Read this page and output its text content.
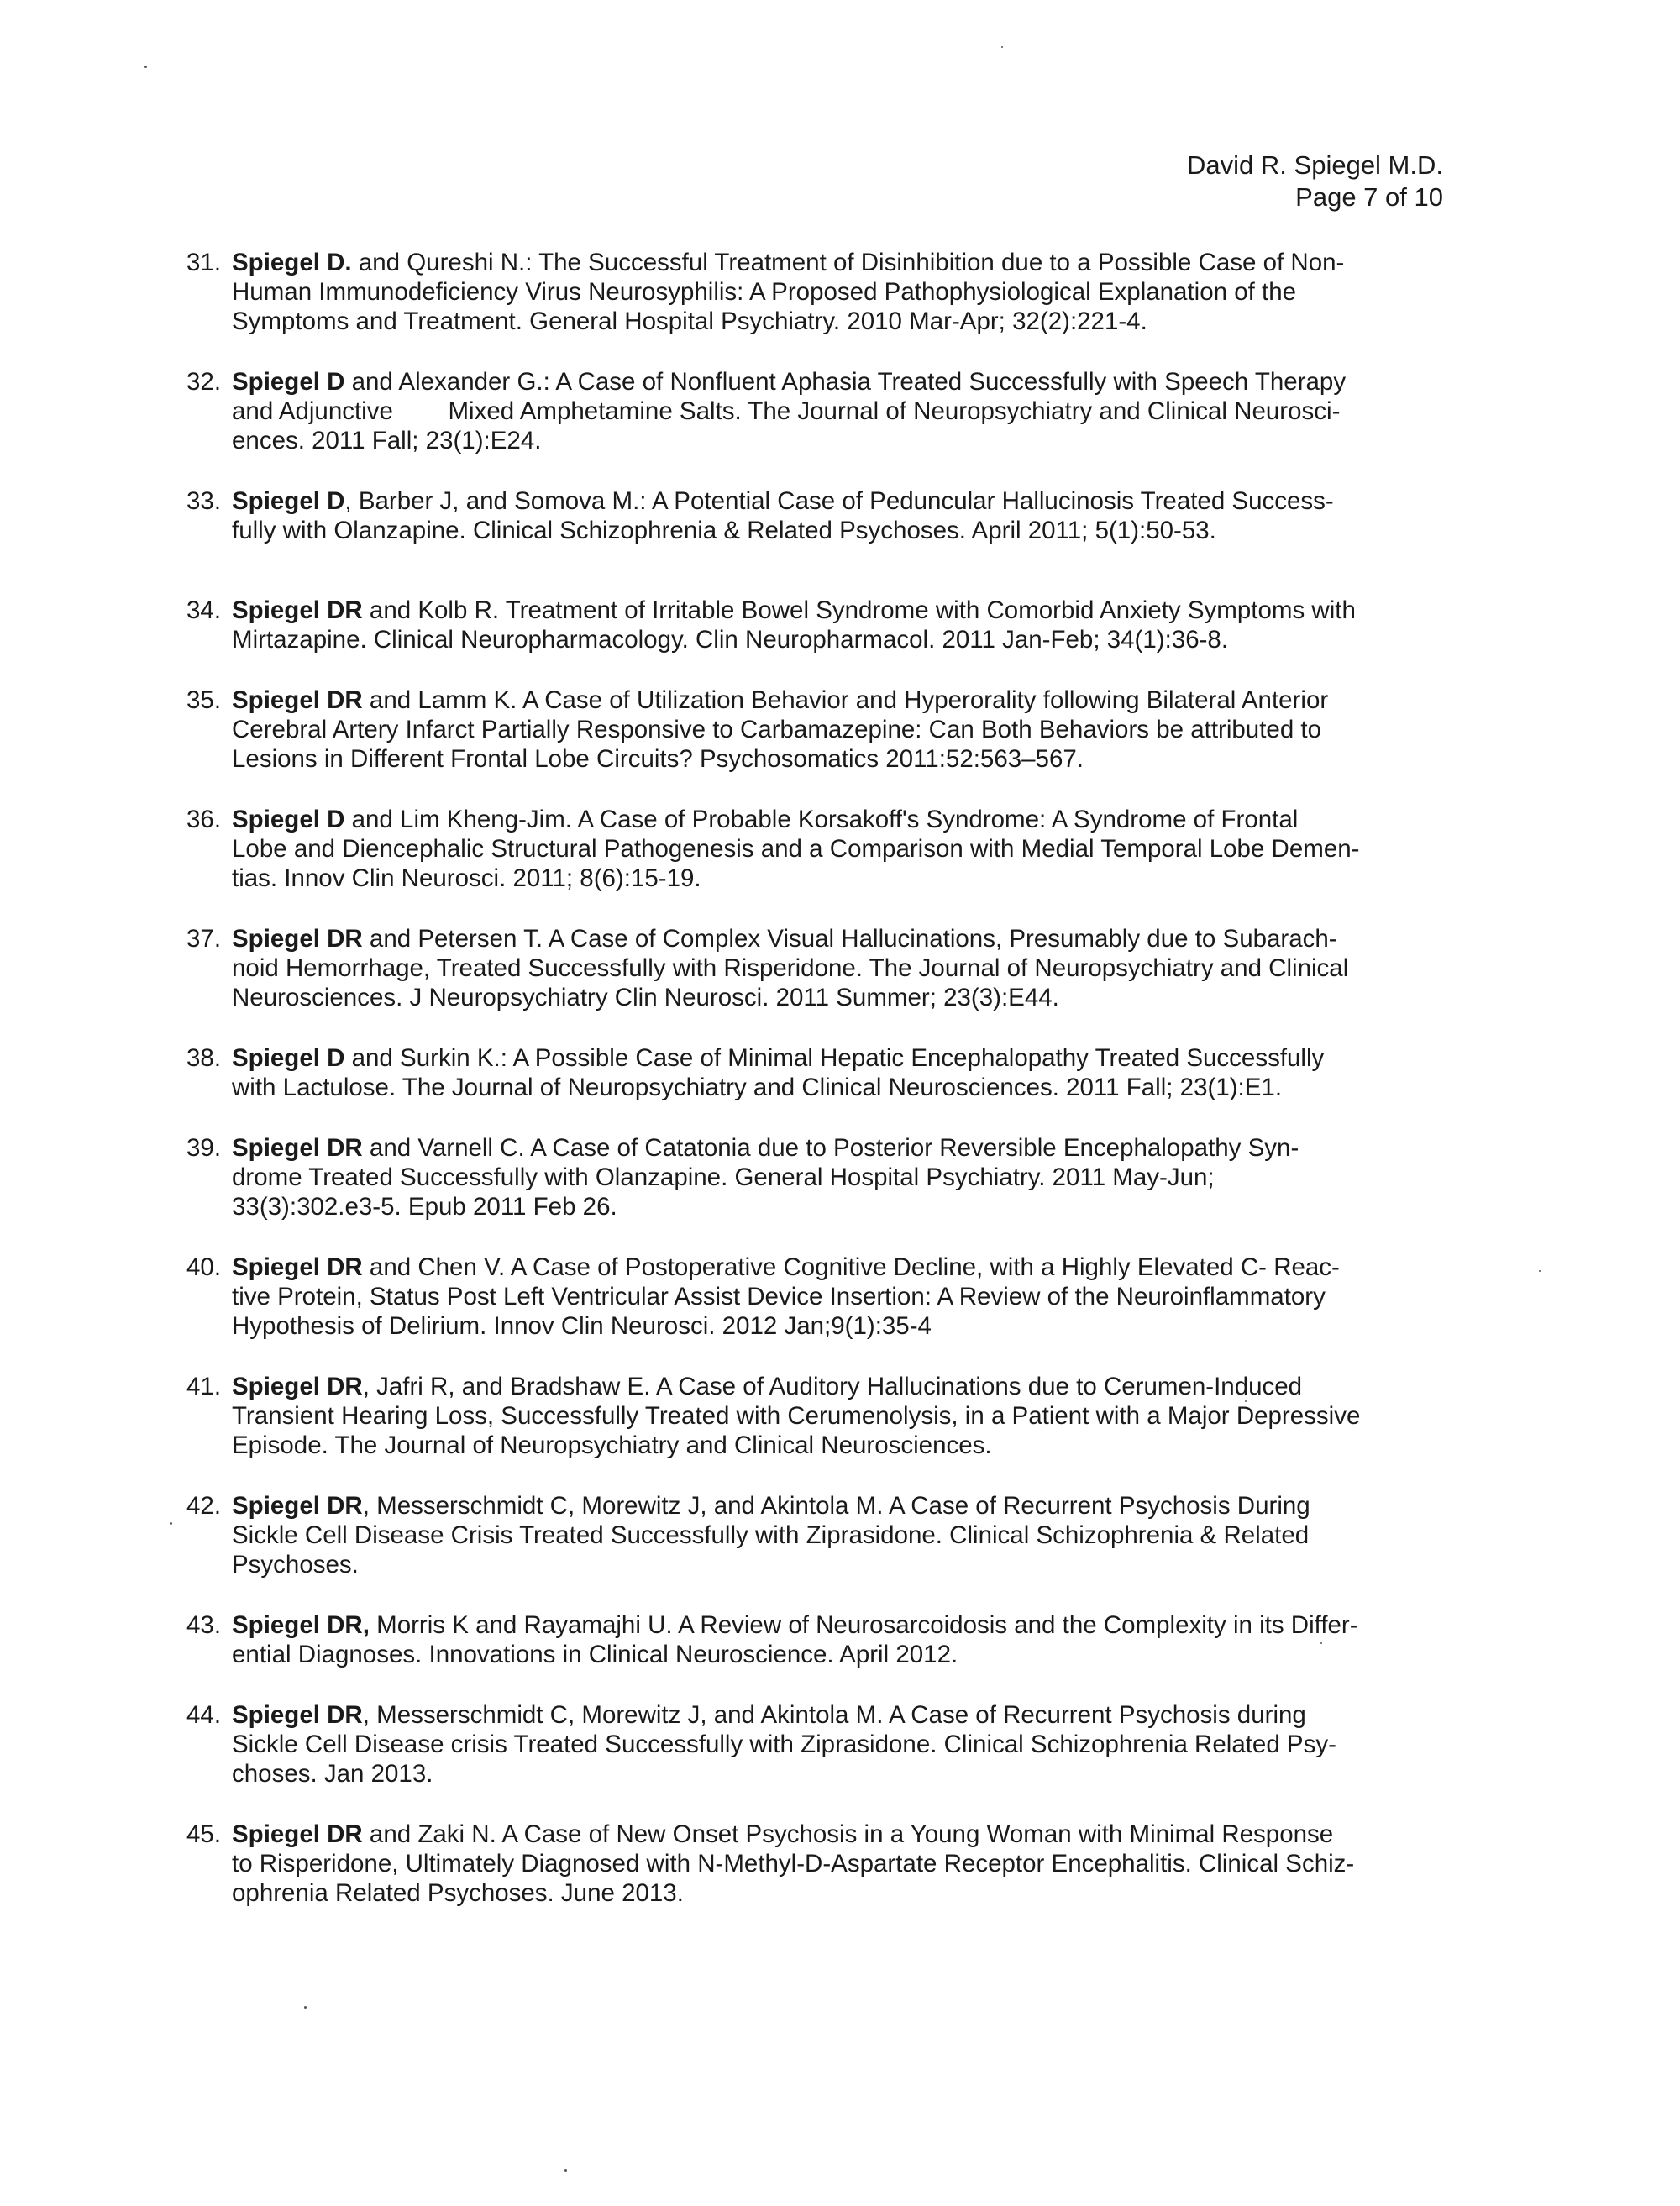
David R. Spiegel M.D.
Page 7 of 10
31. Spiegel D. and Qureshi N.: The Successful Treatment of Disinhibition due to a Possible Case of Non-
Human Immunodeficiency Virus Neurosyphilis: A Proposed Pathophysiological Explanation of the
Symptoms and Treatment. General Hospital Psychiatry. 2010 Mar-Apr; 32(2):221-4.
32. Spiegel D and Alexander G.: A Case of Nonfluent Aphasia Treated Successfully with Speech Therapy
and Adjunctive        Mixed Amphetamine Salts. The Journal of Neuropsychiatry and Clinical Neurosci-
ences. 2011 Fall; 23(1):E24.
33. Spiegel D, Barber J, and Somova M.: A Potential Case of Peduncular Hallucinosis Treated Success-
fully with Olanzapine. Clinical Schizophrenia & Related Psychoses. April 2011; 5(1):50-53.
34. Spiegel DR and Kolb R. Treatment of Irritable Bowel Syndrome with Comorbid Anxiety Symptoms with
Mirtazapine. Clinical Neuropharmacology. Clin Neuropharmacol. 2011 Jan-Feb; 34(1):36-8.
35. Spiegel DR and Lamm K. A Case of Utilization Behavior and Hyperorality following Bilateral Anterior
Cerebral Artery Infarct Partially Responsive to Carbamazepine: Can Both Behaviors be attributed to
Lesions in Different Frontal Lobe Circuits? Psychosomatics 2011:52:563–567.
36. Spiegel D and Lim Kheng-Jim. A Case of Probable Korsakoff's Syndrome: A Syndrome of Frontal
Lobe and Diencephalic Structural Pathogenesis and a Comparison with Medial Temporal Lobe Demen-
tias. Innov Clin Neurosci. 2011; 8(6):15-19.
37. Spiegel DR and Petersen T. A Case of Complex Visual Hallucinations, Presumably due to Subarach-
noid Hemorrhage, Treated Successfully with Risperidone. The Journal of Neuropsychiatry and Clinical
Neurosciences. J Neuropsychiatry Clin Neurosci. 2011 Summer; 23(3):E44.
38. Spiegel D and Surkin K.: A Possible Case of Minimal Hepatic Encephalopathy Treated Successfully
with Lactulose. The Journal of Neuropsychiatry and Clinical Neurosciences. 2011 Fall; 23(1):E1.
39. Spiegel DR and Varnell C. A Case of Catatonia due to Posterior Reversible Encephalopathy Syn-
drome Treated Successfully with Olanzapine. General Hospital Psychiatry. 2011 May-Jun;
33(3):302.e3-5. Epub 2011 Feb 26.
40. Spiegel DR and Chen V. A Case of Postoperative Cognitive Decline, with a Highly Elevated C- Reac-
tive Protein, Status Post Left Ventricular Assist Device Insertion: A Review of the Neuroinflammatory
Hypothesis of Delirium. Innov Clin Neurosci. 2012 Jan;9(1):35-4
41. Spiegel DR, Jafri R, and Bradshaw E. A Case of Auditory Hallucinations due to Cerumen-Induced
Transient Hearing Loss, Successfully Treated with Cerumenolysis, in a Patient with a Major Depressive
Episode. The Journal of Neuropsychiatry and Clinical Neurosciences.
42. Spiegel DR, Messerschmidt C, Morewitz J, and Akintola M. A Case of Recurrent Psychosis During
Sickle Cell Disease Crisis Treated Successfully with Ziprasidone. Clinical Schizophrenia & Related
Psychoses.
43. Spiegel DR, Morris K and Rayamajhi U. A Review of Neurosarcoidosis and the Complexity in its Differ-
ential Diagnoses. Innovations in Clinical Neuroscience. April 2012.
44. Spiegel DR, Messerschmidt C, Morewitz J, and Akintola M. A Case of Recurrent Psychosis during
Sickle Cell Disease crisis Treated Successfully with Ziprasidone. Clinical Schizophrenia Related Psy-
choses. Jan 2013.
45. Spiegel DR and Zaki N. A Case of New Onset Psychosis in a Young Woman with Minimal Response
to Risperidone, Ultimately Diagnosed with N-Methyl-D-Aspartate Receptor Encephalitis. Clinical Schiz-
ophrenia Related Psychoses. June 2013.
